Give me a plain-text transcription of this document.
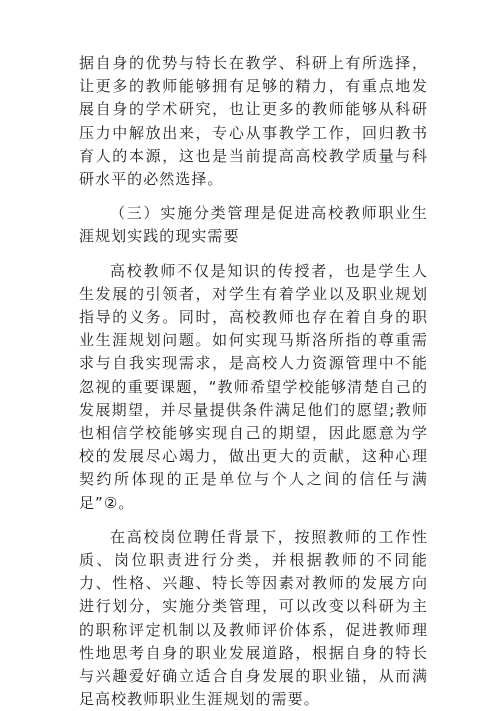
据自身的优势与特长在教学、科研上有所选择，让更多的教师能够拥有足够的精力，有重点地发展自身的学术研究，也让更多的教师能够从科研压力中解放出来，专心从事教学工作，回归教书育人的本源，这也是当前提高高校教学质量与科研水平的必然选择。

（三）实施分类管理是促进高校教师职业生涯规划实践的现实需要

高校教师不仅是知识的传授者，也是学生人生发展的引领者，对学生有着学业以及职业规划指导的义务。同时，高校教师也存在着自身的职业生涯规划问题。如何实现马斯洛所指的尊重需求与自我实现需求，是高校人力资源管理中不能忽视的重要课题，“教师希望学校能够清楚自己的发展期望，并尽量提供条件满足他们的愿望;教师也相信学校能够实现自己的期望，因此愿意为学校的发展尽心竭力，做出更大的贡献，这种心理契约所体现的正是单位与个人之间的信任与满足”②。

在高校岗位聘任背景下，按照教师的工作性质、岗位职责进行分类，并根据教师的不同能力、性格、兴趣、特长等因素对教师的发展方向进行划分，实施分类管理，可以改变以科研为主的职称评定机制以及教师评价体系，促进教师理性地思考自身的职业发展道路，根据自身的特长与兴趣爱好确立适合自身发展的职业锚，从而满足高校教师职业生涯规划的需要。
